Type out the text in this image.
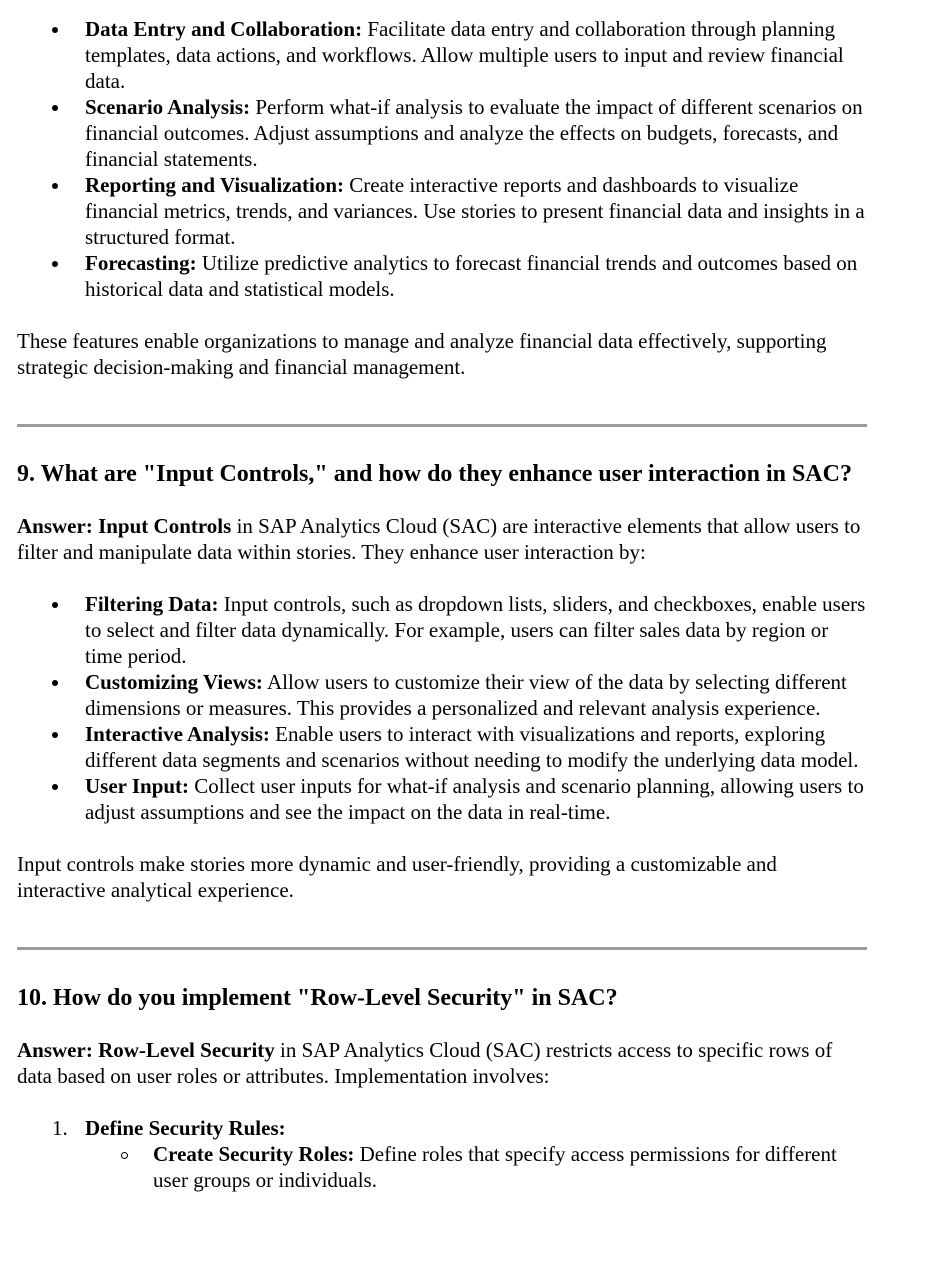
Data Entry and Collaboration: Facilitate data entry and collaboration through planning templates, data actions, and workflows. Allow multiple users to input and review financial data.
Scenario Analysis: Perform what-if analysis to evaluate the impact of different scenarios on financial outcomes. Adjust assumptions and analyze the effects on budgets, forecasts, and financial statements.
Reporting and Visualization: Create interactive reports and dashboards to visualize financial metrics, trends, and variances. Use stories to present financial data and insights in a structured format.
Forecasting: Utilize predictive analytics to forecast financial trends and outcomes based on historical data and statistical models.

These features enable organizations to manage and analyze financial data effectively, supporting strategic decision-making and financial management.

9. What are "Input Controls," and how do they enhance user interaction in SAC?

Answer: Input Controls in SAP Analytics Cloud (SAC) are interactive elements that allow users to filter and manipulate data within stories. They enhance user interaction by:

Filtering Data: Input controls, such as dropdown lists, sliders, and checkboxes, enable users to select and filter data dynamically. For example, users can filter sales data by region or time period.
Customizing Views: Allow users to customize their view of the data by selecting different dimensions or measures. This provides a personalized and relevant analysis experience.
Interactive Analysis: Enable users to interact with visualizations and reports, exploring different data segments and scenarios without needing to modify the underlying data model.
User Input: Collect user inputs for what-if analysis and scenario planning, allowing users to adjust assumptions and see the impact on the data in real-time.

Input controls make stories more dynamic and user-friendly, providing a customizable and interactive analytical experience.

10. How do you implement "Row-Level Security" in SAC?

Answer: Row-Level Security in SAP Analytics Cloud (SAC) restricts access to specific rows of data based on user roles or attributes. Implementation involves:

1. Define Security Rules:
Create Security Roles: Define roles that specify access permissions for different user groups or individuals.
